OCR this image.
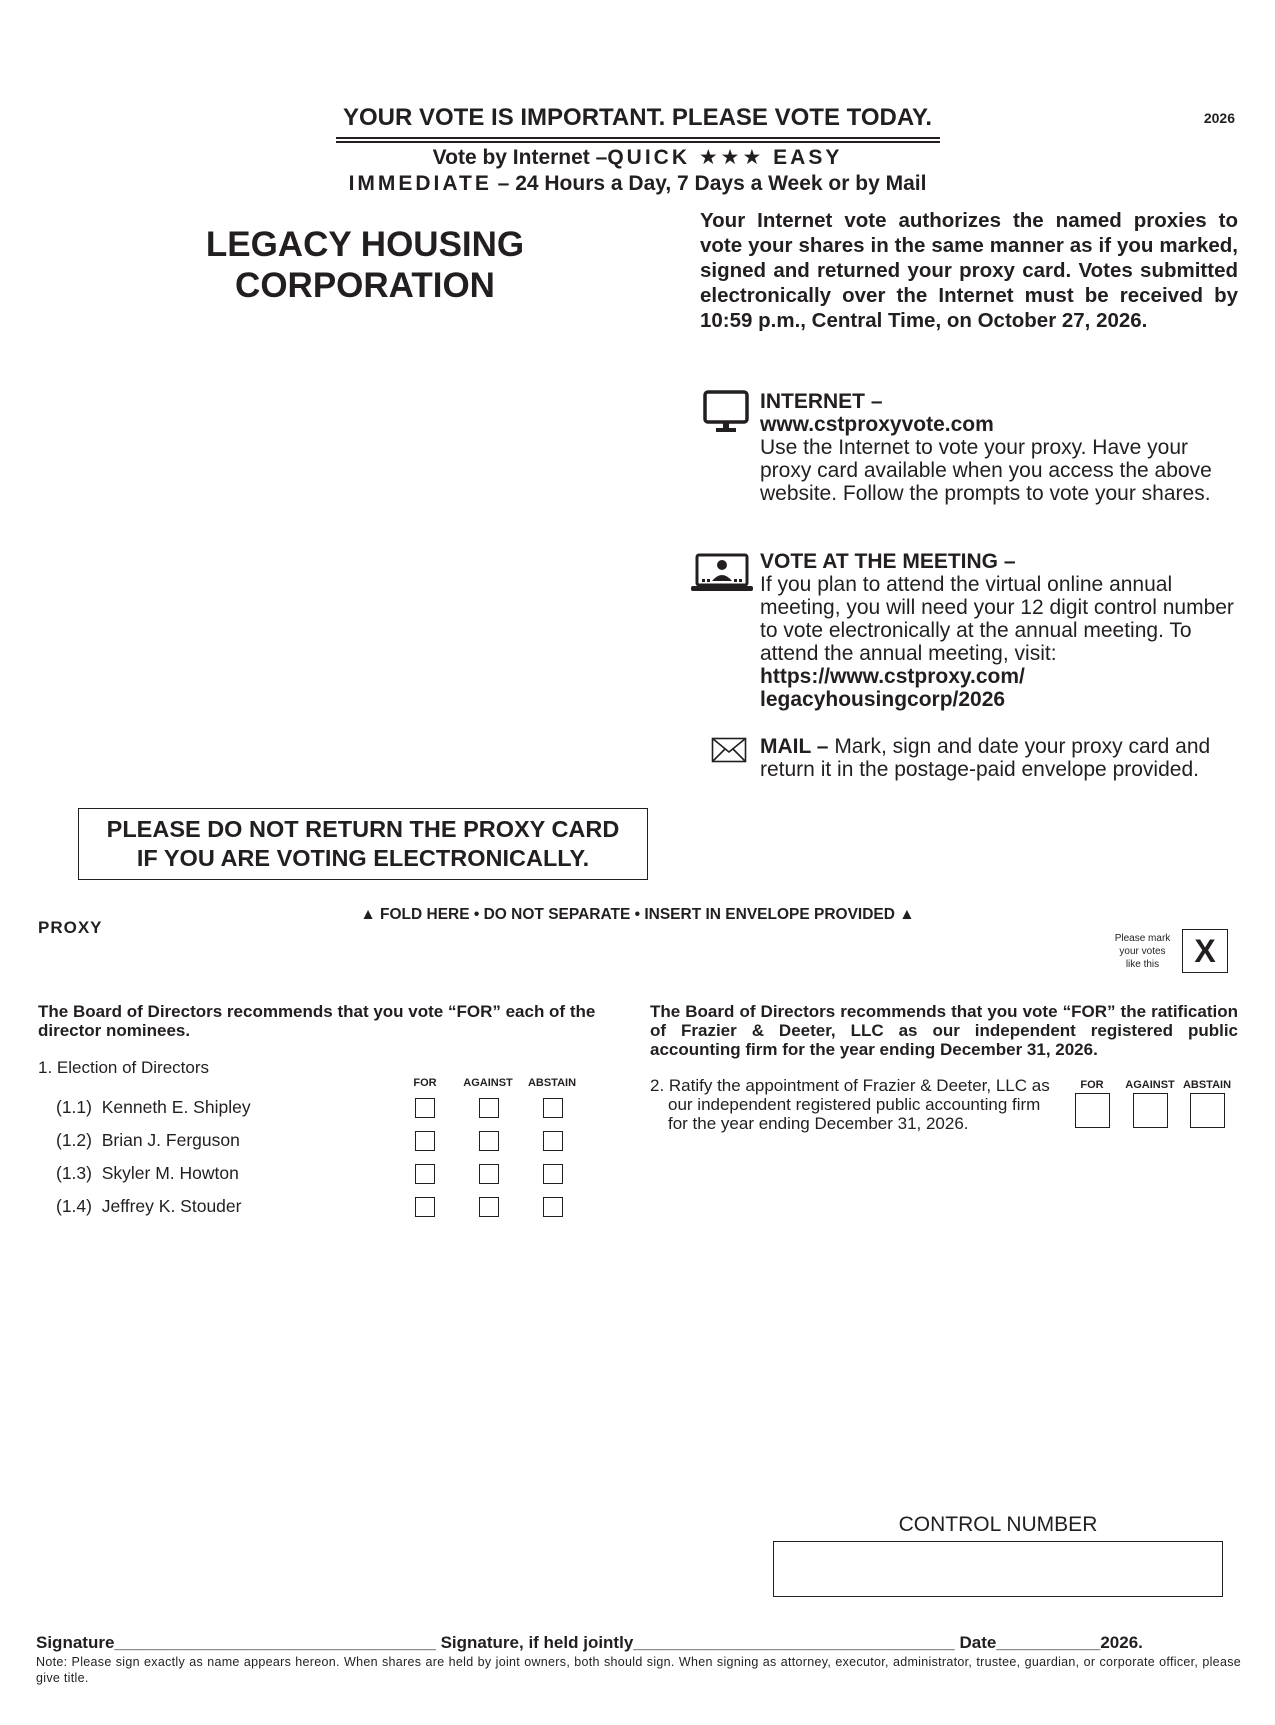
YOUR VOTE IS IMPORTANT. PLEASE VOTE TODAY.
Vote by Internet –QUICK ★★★ EASY
IMMEDIATE – 24 Hours a Day, 7 Days a Week or by Mail
2026
LEGACY HOUSING
CORPORATION
Your Internet vote authorizes the named proxies to vote your shares in the same manner as if you marked, signed and returned your proxy card. Votes submitted electronically over the Internet must be received by 10:59 p.m., Central Time, on October 27, 2026.
INTERNET –
www.cstproxyvote.com
Use the Internet to vote your proxy. Have your proxy card available when you access the above website. Follow the prompts to vote your shares.
VOTE AT THE MEETING –
If you plan to attend the virtual online annual meeting, you will need your 12 digit control number to vote electronically at the annual meeting. To attend the annual meeting, visit: https://www.cstproxy.com/ legacyhousingcorp/2026
MAIL – Mark, sign and date your proxy card and return it in the postage-paid envelope provided.
PLEASE DO NOT RETURN THE PROXY CARD
IF YOU ARE VOTING ELECTRONICALLY.
▲ FOLD HERE • DO NOT SEPARATE • INSERT IN ENVELOPE PROVIDED ▲
PROXY
Please mark
your votes
like this	X
The Board of Directors recommends that you vote “FOR” each of the director nominees.
1. Election of Directors
FOR	AGAINST	ABSTAIN
(1.1) Kenneth E. Shipley
(1.2) Brian J. Ferguson
(1.3) Skyler M. Howton
(1.4) Jeffrey K. Stouder
The Board of Directors recommends that you vote “FOR” the ratification of Frazier & Deeter, LLC as our independent registered public accounting firm for the year ending December 31, 2026.
2. Ratify the appointment of Frazier & Deeter, LLC as
our independent registered public accounting firm
for the year ending December 31, 2026.
FOR	AGAINST ABSTAIN
CONTROL NUMBER
Signature__________________________________ Signature, if held jointly__________________________________ Date___________2026.
Note: Please sign exactly as name appears hereon. When shares are held by joint owners, both should sign. When signing as attorney, executor, administrator, trustee, guardian, or corporate officer, please give title.
